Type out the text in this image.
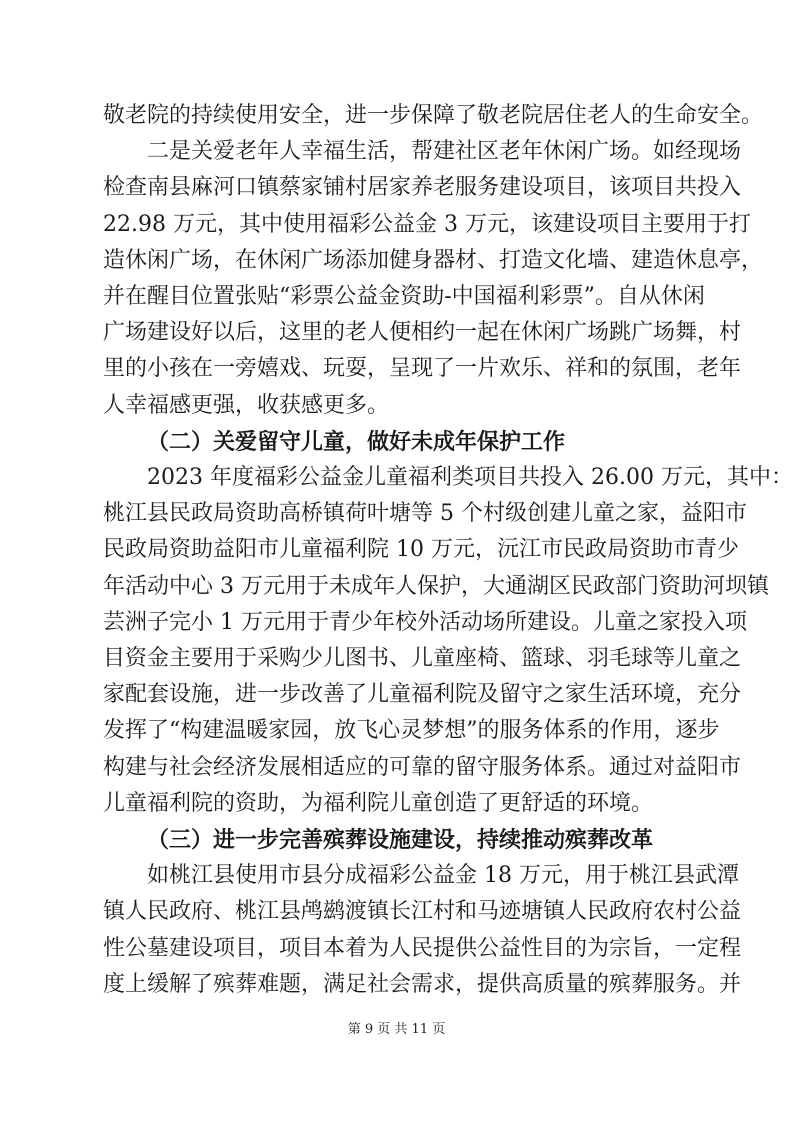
敬老院的持续使用安全，进一步保障了敬老院居住老人的生命安全。
二是关爱老年人幸福生活，帮建社区老年休闲广场。如经现场
检查南县麻河口镇蔡家铺村居家养老服务建设项目，该项目共投入
22.98 万元，其中使用福彩公益金 3 万元，该建设项目主要用于打
造休闲广场，在休闲广场添加健身器材、打造文化墙、建造休息亭，
并在醒目位置张贴“彩票公益金资助-中国福利彩票”。自从休闲
广场建设好以后，这里的老人便相约一起在休闲广场跳广场舞，村
里的小孩在一旁嬉戏、玩耍，呈现了一片欢乐、祥和的氛围，老年
人幸福感更强，收获感更多。
（二）关爱留守儿童，做好未成年保护工作
2023 年度福彩公益金儿童福利类项目共投入 26.00 万元，其中：
桃江县民政局资助高桥镇荷叶塘等 5 个村级创建儿童之家，益阳市
民政局资助益阳市儿童福利院 10 万元，沅江市民政局资助市青少
年活动中心 3 万元用于未成年人保护，大通湖区民政部门资助河坝镇
芸洲子完小 1 万元用于青少年校外活动场所建设。儿童之家投入项
目资金主要用于采购少儿图书、儿童座椅、篮球、羽毛球等儿童之
家配套设施，进一步改善了儿童福利院及留守之家生活环境，充分
发挥了“构建温暖家园，放飞心灵梦想”的服务体系的作用，逐步
构建与社会经济发展相适应的可靠的留守服务体系。通过对益阳市
儿童福利院的资助，为福利院儿童创造了更舒适的环境。
（三）进一步完善殡葬设施建设，持续推动殡葬改革
如桃江县使用市县分成福彩公益金 18 万元，用于桃江县武潭
镇人民政府、桃江县鸬鹚渡镇长江村和马迹塘镇人民政府农村公益
性公墓建设项目，项目本着为人民提供公益性目的为宗旨，一定程
度上缓解了殡葬难题，满足社会需求，提供高质量的殡葬服务。并
第 9 页 共 11 页
